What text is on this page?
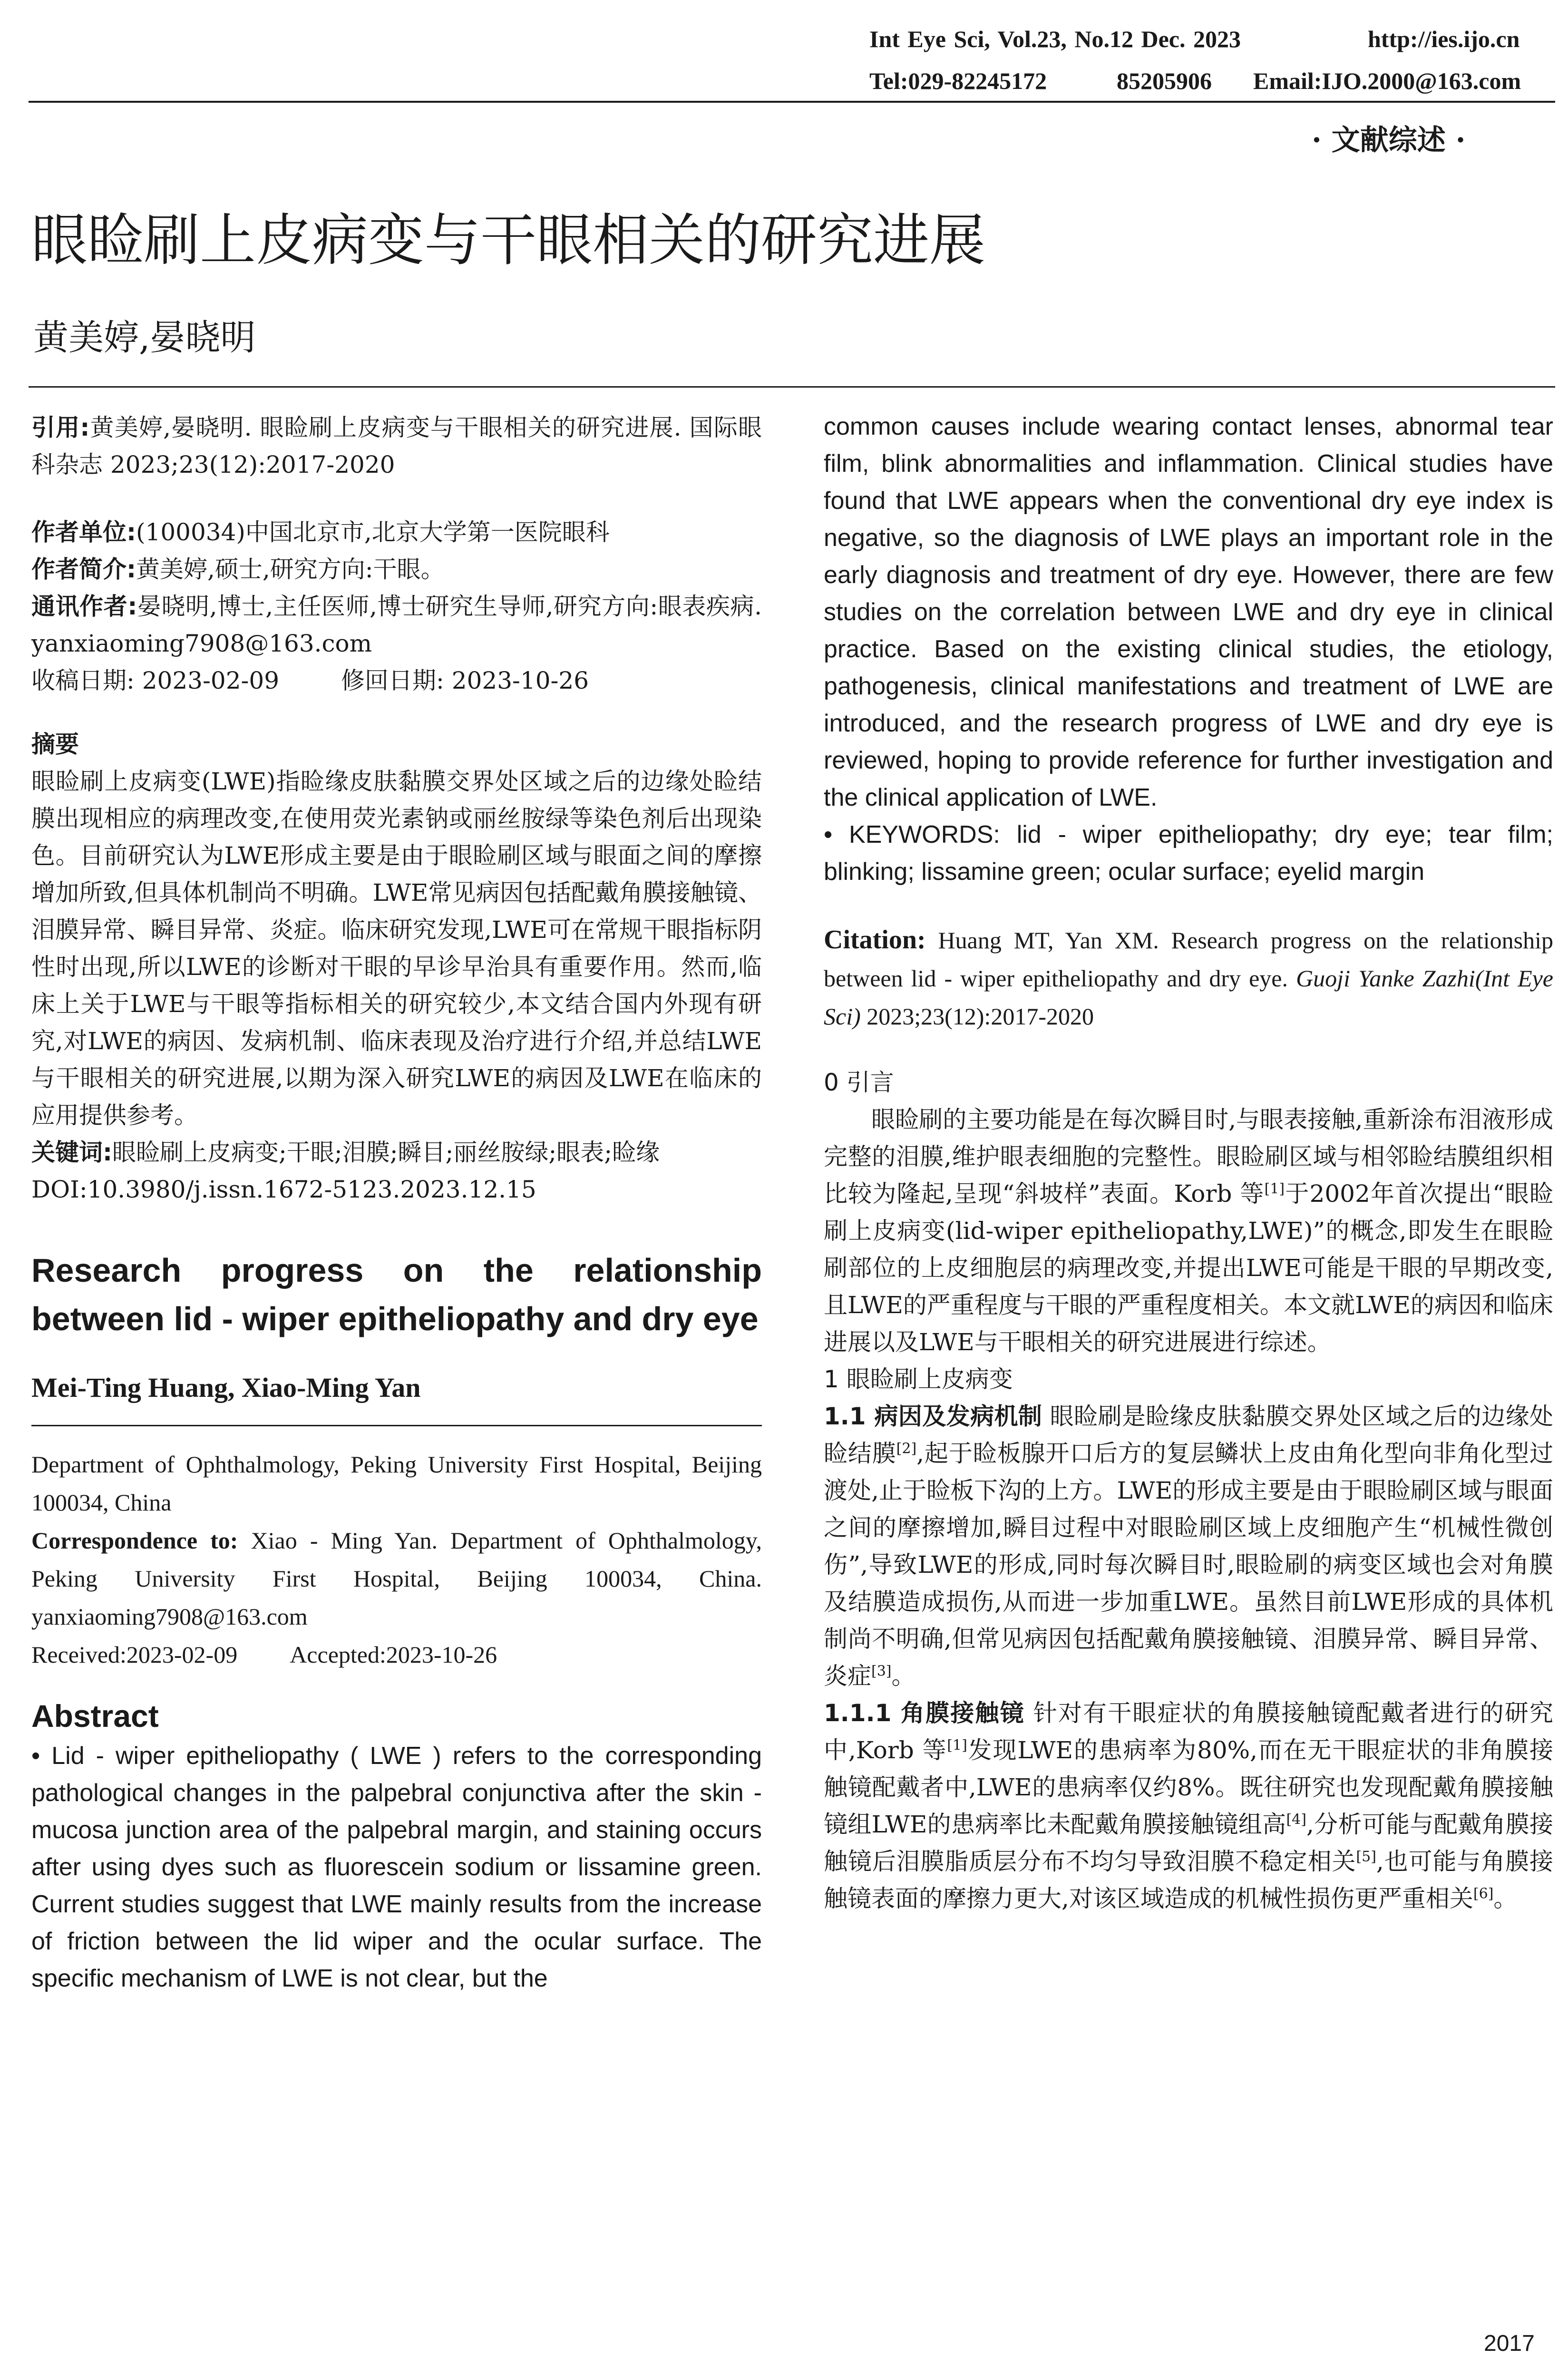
Int Eye Sci, Vol.23, No.12 Dec. 2023	http://ies.ijo.cn
Tel:029-82245172	85205906 Email:IJO.2000@163.com
· 文献综述 ·
眼睑刷上皮病变与干眼相关的研究进展
黄美婷,晏晓明
引用:黄美婷,晏晓明. 眼睑刷上皮病变与干眼相关的研究进展. 国际眼科杂志 2023;23(12):2017-2020
作者单位:(100034)中国北京市,北京大学第一医院眼科
作者简介:黄美婷,硕士,研究方向:干眼。
通讯作者:晏晓明,博士,主任医师,博士研究生导师,研究方向:眼表疾病. yanxiaoming7908@163.com
收稿日期: 2023-02-09	修回日期: 2023-10-26
摘要
眼睑刷上皮病变(LWE)指睑缘皮肤黏膜交界处区域之后的边缘处睑结膜出现相应的病理改变,在使用荧光素钠或丽丝胺绿等染色剂后出现染色。目前研究认为LWE形成主要是由于眼睑刷区域与眼面之间的摩擦增加所致,但具体机制尚不明确。LWE常见病因包括配戴角膜接触镜、泪膜异常、瞬目异常、炎症。临床研究发现,LWE可在常规干眼指标阴性时出现,所以LWE的诊断对干眼的早诊早治具有重要作用。然而,临床上关于LWE与干眼等指标相关的研究较少,本文结合国内外现有研究,对LWE的病因、发病机制、临床表现及治疗进行介绍,并总结LWE与干眼相关的研究进展,以期为深入研究LWE的病因及LWE在临床的应用提供参考。
关键词:眼睑刷上皮病变;干眼;泪膜;瞬目;丽丝胺绿;眼表;睑缘
DOI:10.3980/j.issn.1672-5123.2023.12.15
Research progress on the relationship between lid - wiper epitheliopathy and dry eye
Mei-Ting Huang, Xiao-Ming Yan
Department of Ophthalmology, Peking University First Hospital, Beijing 100034, China
Correspondence to: Xiao - Ming Yan. Department of Ophthalmology, Peking University First Hospital, Beijing 100034, China. yanxiaoming7908@163.com
Received:2023-02-09 Accepted:2023-10-26
Abstract
• Lid - wiper epitheliopathy ( LWE ) refers to the corresponding pathological changes in the palpebral conjunctiva after the skin - mucosa junction area of the palpebral margin, and staining occurs after using dyes such as fluorescein sodium or lissamine green. Current studies suggest that LWE mainly results from the increase of friction between the lid wiper and the ocular surface. The specific mechanism of LWE is not clear, but the
common causes include wearing contact lenses, abnormal tear film, blink abnormalities and inflammation. Clinical studies have found that LWE appears when the conventional dry eye index is negative, so the diagnosis of LWE plays an important role in the early diagnosis and treatment of dry eye. However, there are few studies on the correlation between LWE and dry eye in clinical practice. Based on the existing clinical studies, the etiology, pathogenesis, clinical manifestations and treatment of LWE are introduced, and the research progress of LWE and dry eye is reviewed, hoping to provide reference for further investigation and the clinical application of LWE.
• KEYWORDS: lid - wiper epitheliopathy; dry eye; tear film; blinking; lissamine green; ocular surface; eyelid margin
Citation: Huang MT, Yan XM. Research progress on the relationship between lid - wiper epitheliopathy and dry eye. Guoji Yanke Zazhi(Int Eye Sci) 2023;23(12):2017-2020
0 引言
眼睑刷的主要功能是在每次瞬目时,与眼表接触,重新涂布泪液形成完整的泪膜,维护眼表细胞的完整性。眼睑刷区域与相邻睑结膜组织相比较为隆起,呈现“斜坡样”表面。Korb 等[1]于2002年首次提出“眼睑刷上皮病变(lid-wiper epitheliopathy,LWE)”的概念,即发生在眼睑刷部位的上皮细胞层的病理改变,并提出LWE可能是干眼的早期改变,且LWE的严重程度与干眼的严重程度相关。本文就LWE的病因和临床进展以及LWE与干眼相关的研究进展进行综述。
1 眼睑刷上皮病变
1.1 病因及发病机制 眼睑刷是睑缘皮肤黏膜交界处区域之后的边缘处睑结膜[2],起于睑板腺开口后方的复层鳞状上皮由角化型向非角化型过渡处,止于睑板下沟的上方。LWE的形成主要是由于眼睑刷区域与眼面之间的摩擦增加,瞬目过程中对眼睑刷区域上皮细胞产生“机械性微创伤”,导致LWE的形成,同时每次瞬目时,眼睑刷的病变区域也会对角膜及结膜造成损伤,从而进一步加重LWE。虽然目前LWE形成的具体机制尚不明确,但常见病因包括配戴角膜接触镜、泪膜异常、瞬目异常、炎症[3]。
1.1.1 角膜接触镜 针对有干眼症状的角膜接触镜配戴者进行的研究中,Korb 等[1]发现LWE的患病率为80%,而在无干眼症状的非角膜接触镜配戴者中,LWE的患病率仅约8%。既往研究也发现配戴角膜接触镜组LWE的患病率比未配戴角膜接触镜组高[4],分析可能与配戴角膜接触镜后泪膜脂质层分布不均匀导致泪膜不稳定相关[5],也可能与角膜接触镜表面的摩擦力更大,对该区域造成的机械性损伤更严重相关[6]。
2017
